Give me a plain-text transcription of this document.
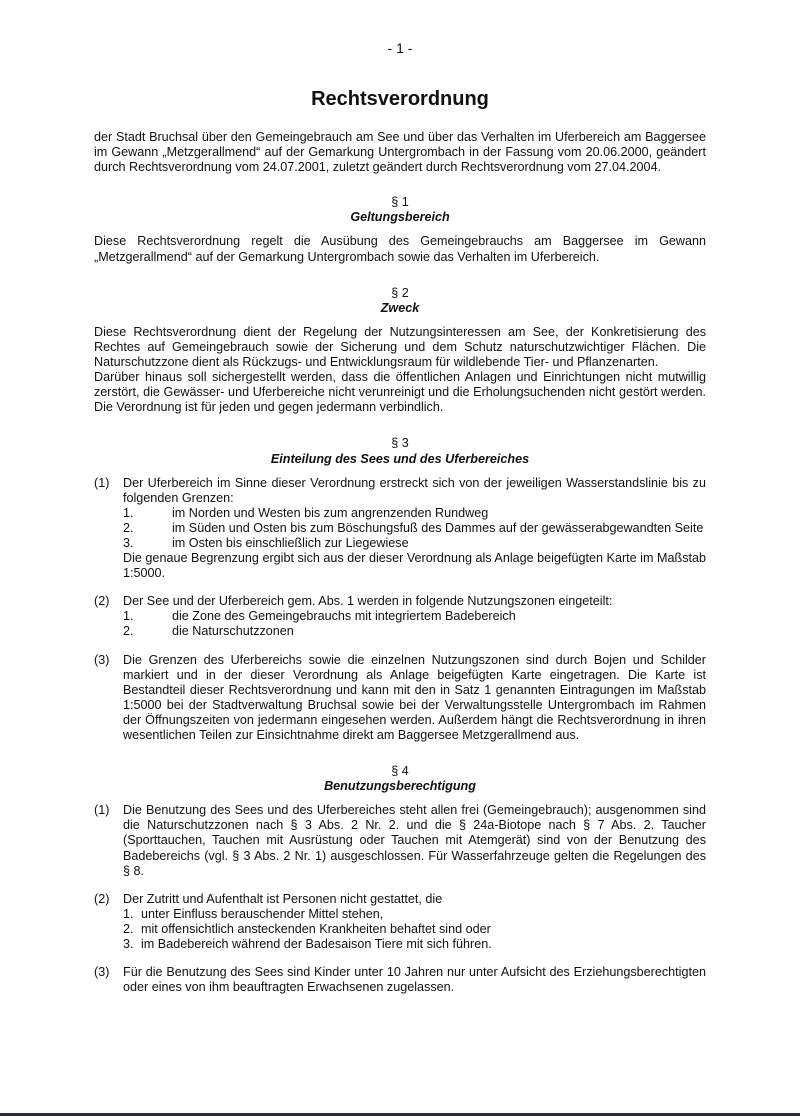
- 1 -
Rechtsverordnung

der Stadt Bruchsal über den Gemeingebrauch am See und über das Verhalten im Uferbereich am Baggersee im Gewann „Metzgerallmend“ auf der Gemarkung Untergrombach in der Fassung vom 20.06.2000, geändert durch Rechtsverordnung vom 24.07.2001, zuletzt geändert durch Rechtsverordnung vom 27.04.2004.

§ 1
Geltungsbereich

Diese Rechtsverordnung regelt die Ausübung des Gemeingebrauchs am Baggersee im Gewann „Metzgerallmend“ auf der Gemarkung Untergrombach sowie das Verhalten im Uferbereich.

§ 2
Zweck

Diese Rechtsverordnung dient der Regelung der Nutzungsinteressen am See, der Konkretisierung des Rechtes auf Gemeingebrauch sowie der Sicherung und dem Schutz naturschutzwichtiger Flächen. Die Naturschutzzone dient als Rückzugs- und Entwicklungsraum für wildlebende Tier- und Pflanzenarten.

Darüber hinaus soll sichergestellt werden, dass die öffentlichen Anlagen und Einrichtungen nicht mutwillig zerstört, die Gewässer- und Uferbereiche nicht verunreinigt und die Erholungsuchenden nicht gestört werden. Die Verordnung ist für jeden und gegen jedermann verbindlich.

§ 3
Einteilung des Sees und des Uferbereiches
(1) Der Uferbereich im Sinne dieser Verordnung erstreckt sich von der jeweiligen Wasserstandslinie bis zu folgenden Grenzen:

1.	im Norden und Westen bis zum angrenzenden Rundweg
2.	im Süden und Osten bis zum Böschungsfuß des Dammes auf der gewässerabgewandten Seite
3.	im Osten bis einschließlich zur Liegewiese

Die genaue Begrenzung ergibt sich aus der dieser Verordnung als Anlage beigefügten Karte im Maßstab 1:5000.

(2) Der See und der Uferbereich gem. Abs. 1 werden in folgende Nutzungszonen eingeteilt:

1.	die Zone des Gemeingebrauchs mit integriertem Badebereich
2.	die Naturschutzzonen
(3) Die Grenzen des Uferbereichs sowie die einzelnen Nutzungszonen sind durch Bojen und Schilder markiert und in der dieser Verordnung als Anlage beigefügten Karte eingetragen. Die Karte ist Bestandteil dieser Rechtsverordnung und kann mit den in Satz 1 genannten Eintragungen im Maßstab 1:5000 bei der Stadtverwaltung Bruchsal sowie bei der Verwaltungsstelle Untergrombach im Rahmen der Öffnungszeiten von jedermann eingesehen werden. Außerdem hängt die Rechtsverordnung in ihren wesentlichen Teilen zur Einsichtnahme direkt am Baggersee Metzgerallmend aus.

§ 4
Benutzungsberechtigung
(1) Die Benutzung des Sees und des Uferbereiches steht allen frei (Gemeingebrauch); ausgenommen sind die Naturschutzzonen nach § 3 Abs. 2 Nr. 2. und die § 24a-Biotope nach § 7 Abs. 2. Taucher (Sporttauchen, Tauchen mit Ausrüstung oder Tauchen mit Atemgerät) sind von der Benutzung des Badebereichs (vgl. § 3 Abs. 2 Nr. 1) ausgeschlossen. Für Wasserfahrzeuge gelten die Regelungen des § 8.

(2) Der Zutritt und Aufenthalt ist Personen nicht gestattet, die

1. unter Einfluss berauschender Mittel stehen,
2. mit offensichtlich ansteckenden Krankheiten behaftet sind oder
3. im Badebereich während der Badesaison Tiere mit sich führen.
(3) Für die Benutzung des Sees sind Kinder unter 10 Jahren nur unter Aufsicht des Erziehungsberechtigten oder eines von ihm beauftragten Erwachsenen zugelassen.
